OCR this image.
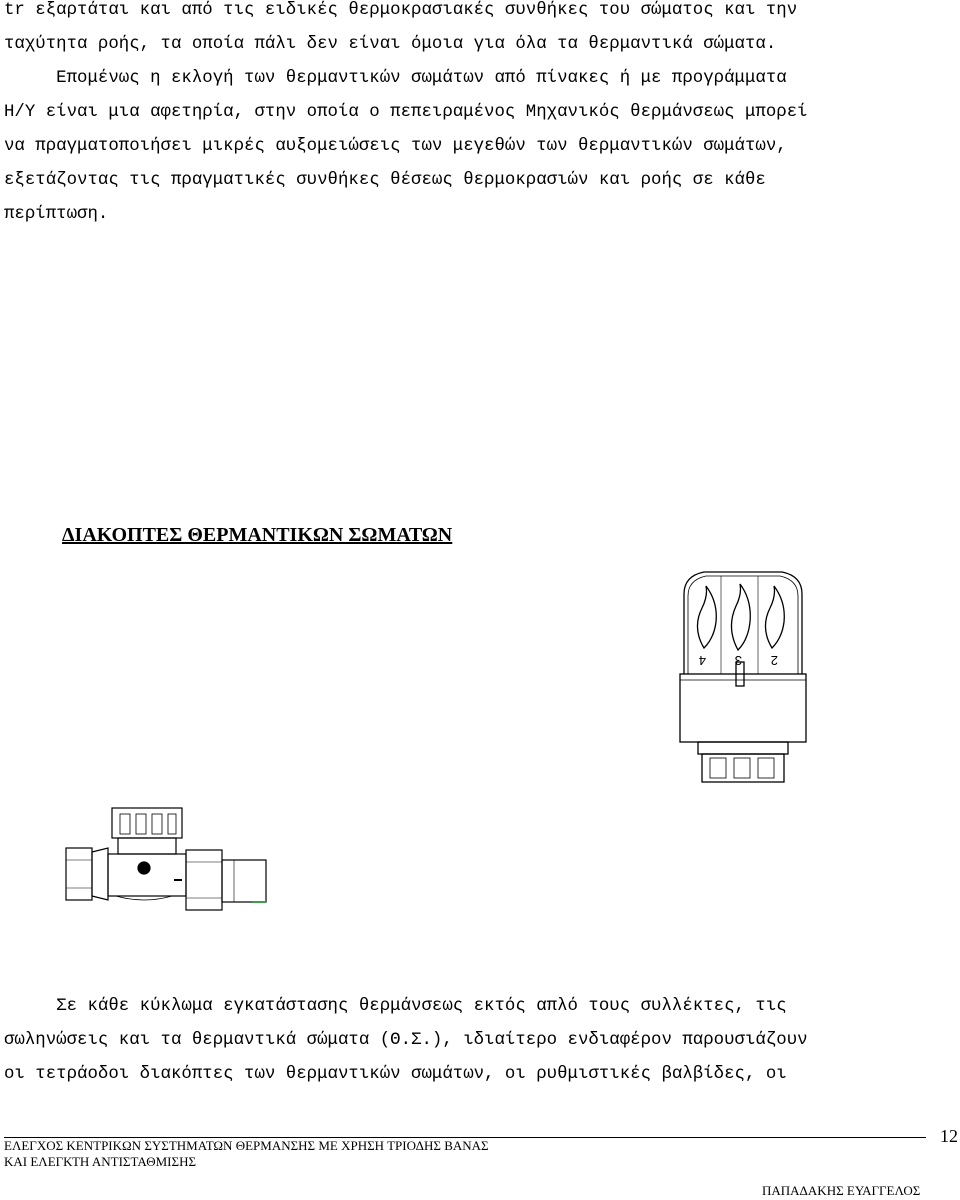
tr εξαρτάται και από τις ειδικές θερμοκρασιακές συνθήκες του σώματος και την
ταχύτητα ροής, τα οποία πάλι δεν είναι όμοια για όλα τα θερμαντικά σώματα.
Επομένως η εκλογή των θερμαντικών σωμάτων από πίνακες ή με προγράμματα
Η/Υ είναι μια αφετηρία, στην οποία ο πεπειραμένος Μηχανικός θερμάνσεως μπορεί
να πραγματοποιήσει μικρές αυξομειώσεις των μεγεθών των θερμαντικών σωμάτων,
εξετάζοντας τις πραγματικές συνθήκες θέσεως θερμοκρασιών και ροής σε κάθε
περίπτωση.
ΔΙΑΚΟΠΤΕΣ ΘΕΡΜΑΝΤΙΚΩΝ ΣΩΜΑΤΩΝ
4 3 2
Σε κάθε κύκλωμα εγκατάστασης θερμάνσεως εκτός απλό τους συλλέκτες, τις
σωληνώσεις και τα θερμαντικά σώματα (Θ.Σ.), ιδιαίτερο ενδιαφέρον παρουσιάζουν
οι τετράοδοι διακόπτες των θερμαντικών σωμάτων, οι ρυθμιστικές βαλβίδες, οι
ΕΛΕΓΧΟΣ ΚΕΝΤΡΙΚΩΝ ΣΥΣΤΗΜΑΤΩΝ ΘΕΡΜΑΝΣΗΣ ΜΕ ΧΡΗΣΗ ΤΡΙΟΔΗΣ ΒΑΝΑΣ
ΚΑΙ ΕΛΕΓΚΤΗ ΑΝΤΙΣΤΑΘΜΙΣΗΣ
12
ΠΑΠΑΔΑΚΗΣ ΕΥΑΓΓΕΛΟΣ
